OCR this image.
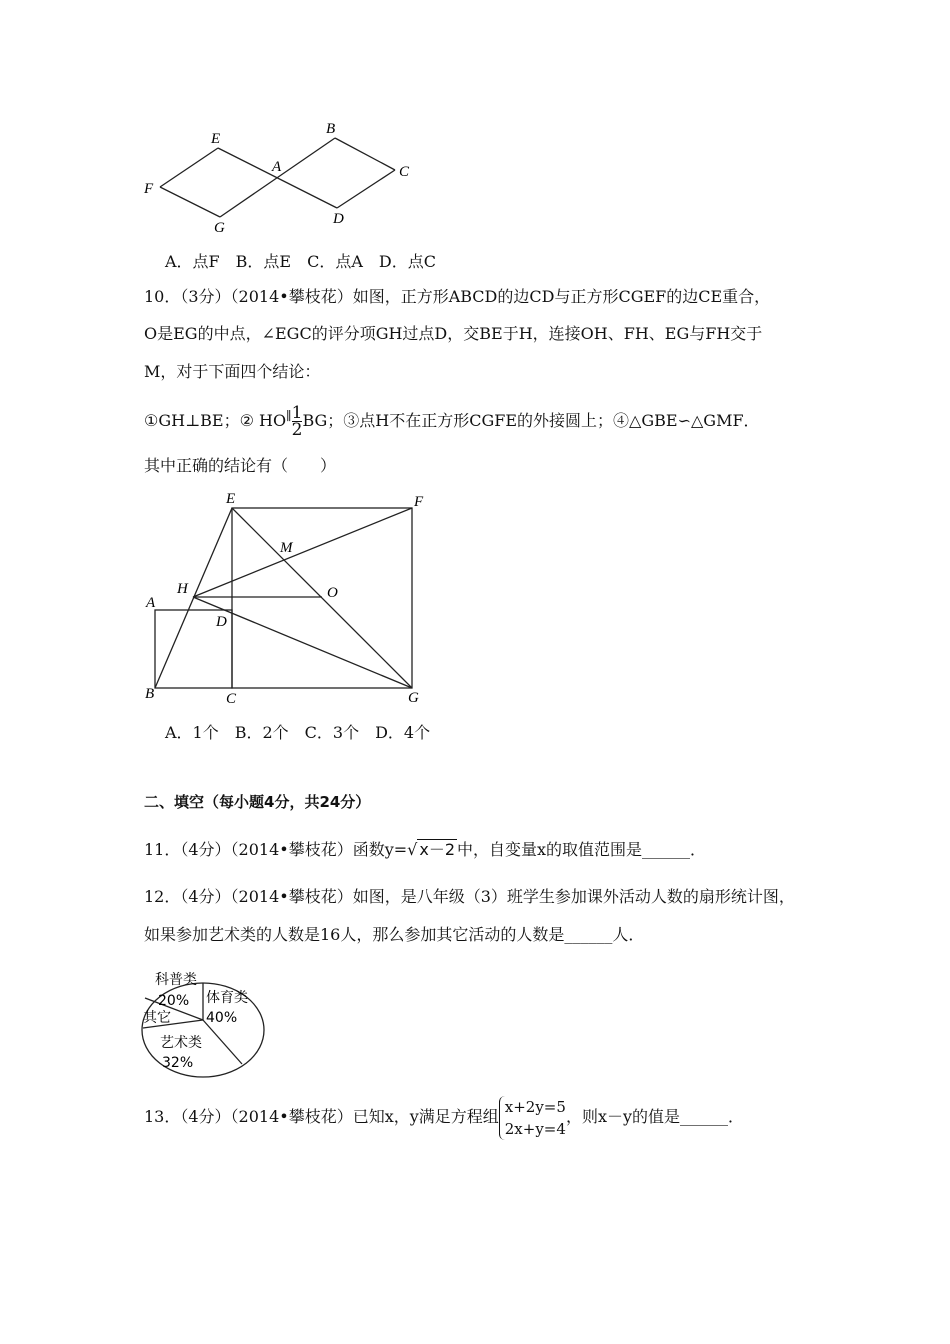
E
B
A	C
F
G
D
E	F
M
H	O
A
D
B	C	G
体育类
40%
艺术类
32%
其它
科普类
20%
A．点F　B．点E　C．点A　D．点C
10．（3分）（2014•攀枝花）如图，正方形ABCD的边CD与正方形CGEF的边CE重合，
O是EG的中点，∠EGC的评分项GH过点D，交BE于H，连接OH、FH、EG与FH交于
M，对于下面四个结论：
①GH⊥BE；② $HO^\parallel \frac{1}{2}$ BG；③点H不在正方形CGFE的外接圆上；④△GBE∽△GMF．
其中正确的结论有（　　）
A．1个　B．2个　C．3个　D．4个
二、填空（每小题4分，共24分）
11．（4分）（2014•攀枝花）函数y=√ x－2 中，自变量x的取值范围是______．
12．（4分）（2014•攀枝花）如图，是八年级（3）班学生参加课外活动人数的扇形统计图，
如果参加艺术类的人数是16人，那么参加其它活动的人数是______人．
13．（4分）（2014•攀枝花）已知x，y满足方程组
x+2y=5
2x+y=4
，则x－y的值是______．
